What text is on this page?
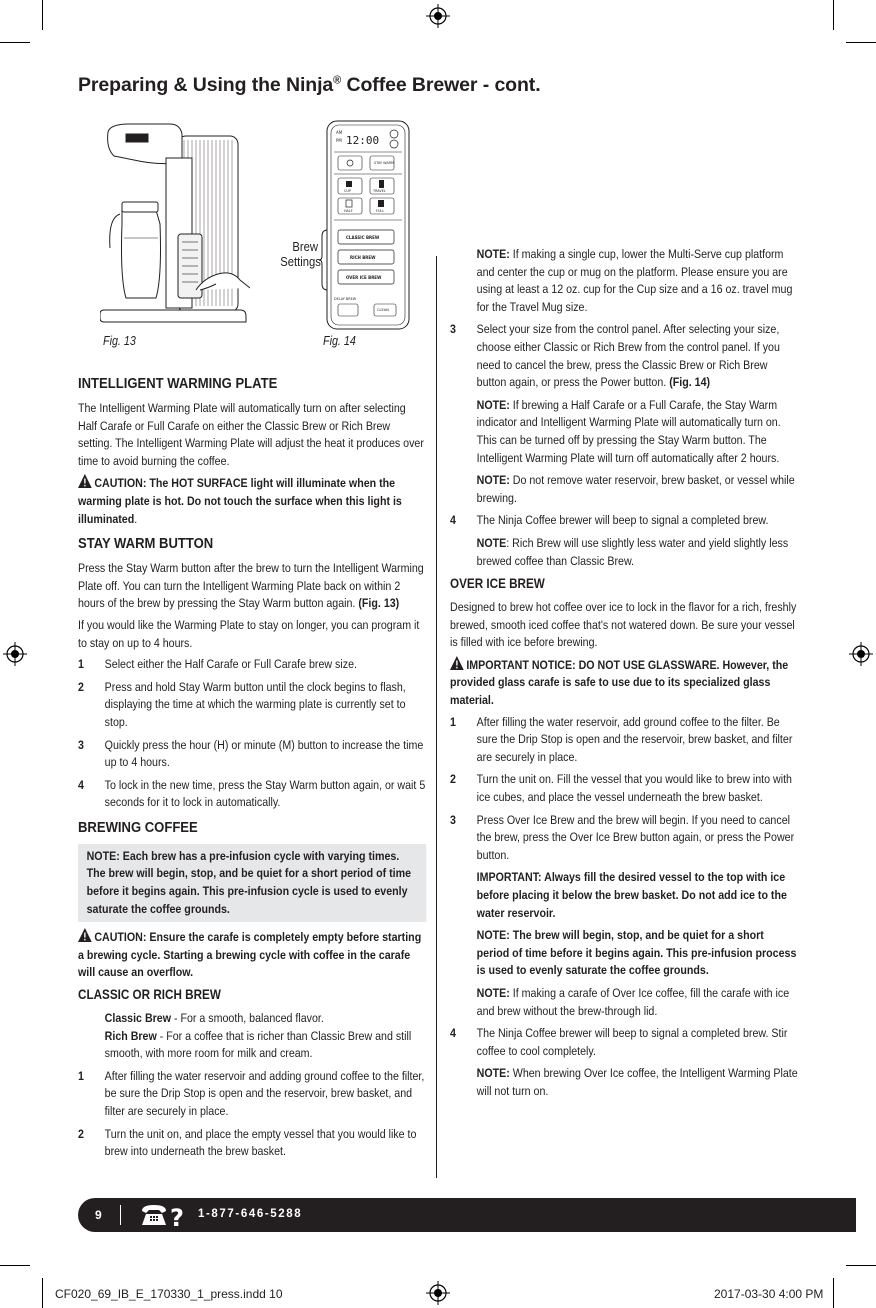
Preparing & Using the Ninja® Coffee Brewer - cont.
Fig. 13
Brew
Settings
AM
PM 12:00
STAY WARM
CUP	TRAVEL
HALF	FULL
CLASSIC BREW
RICH BREW
OVER ICE BREW
DELAY BREW
CLEAN
Fig. 14
INTELLIGENT WARMING PLATE

The Intelligent Warming Plate will automatically turn on after selecting Half Carafe or Full Carafe on either the Classic Brew or Rich Brew setting. The Intelligent Warming Plate will adjust the heat it produces over time to avoid burning the coffee.

CAUTION: The HOT SURFACE light will illuminate when the warming plate is hot. Do not touch the surface when this light is illuminated.

STAY WARM BUTTON

Press the Stay Warm button after the brew to turn the Intelligent Warming Plate off. You can turn the Intelligent Warming Plate back on within 2 hours of the brew by pressing the Stay Warm button again. (Fig. 13)

If you would like the Warming Plate to stay on longer, you can program it to stay on up to 4 hours.

1 Select either the Half Carafe or Full Carafe brew size.
2 Press and hold Stay Warm button until the clock begins to flash, displaying the time at which the warming plate is currently set to stop.
3 Quickly press the hour (H) or minute (M) button to increase the time up to 4 hours.
4 To lock in the new time, press the Stay Warm button again, or wait 5 seconds for it to lock in automatically.
BREWING COFFEE
NOTE: Each brew has a pre-infusion cycle with varying times. The brew will begin, stop, and be quiet for a short period of time before it begins again. This pre-infusion cycle is used to evenly saturate the coffee grounds.

CAUTION: Ensure the carafe is completely empty before starting a brewing cycle. Starting a brewing cycle with coffee in the carafe will cause an overflow.

CLASSIC OR RICH BREW
Classic Brew - For a smooth, balanced flavor.
Rich Brew - For a coffee that is richer than Classic Brew and still smooth, with more room for milk and cream.
1 After filling the water reservoir and adding ground coffee to the filter, be sure the Drip Stop is open and the reservoir, brew basket, and filter are securely in place.
2 Turn the unit on, and place the empty vessel that you would like to brew into underneath the brew basket.
NOTE: If making a single cup, lower the Multi-Serve cup platform and center the cup or mug on the platform. Please ensure you are using at least a 12 oz. cup for the Cup size and a 16 oz. travel mug for the Travel Mug size.
3 Select your size from the control panel. After selecting your size, choose either Classic or Rich Brew from the control panel. If you need to cancel the brew, press the Classic Brew or Rich Brew button again, or press the Power button. (Fig. 14)
NOTE: If brewing a Half Carafe or a Full Carafe, the Stay Warm indicator and Intelligent Warming Plate will automatically turn on. This can be turned off by pressing the Stay Warm button. The Intelligent Warming Plate will turn off automatically after 2 hours.
NOTE: Do not remove water reservoir, brew basket, or vessel while brewing.
4 The Ninja Coffee brewer will beep to signal a completed brew.
NOTE: Rich Brew will use slightly less water and yield slightly less brewed coffee than Classic Brew.
OVER ICE BREW

Designed to brew hot coffee over ice to lock in the flavor for a rich, freshly brewed, smooth iced coffee that's not watered down. Be sure your vessel is filled with ice before brewing.

IMPORTANT NOTICE: DO NOT USE GLASSWARE. However, the provided glass carafe is safe to use due to its specialized glass material.

1 After filling the water reservoir, add ground coffee to the filter. Be sure the Drip Stop is open and the reservoir, brew basket, and filter are securely in place.
2 Turn the unit on. Fill the vessel that you would like to brew into with ice cubes, and place the vessel underneath the brew basket.
3 Press Over Ice Brew and the brew will begin. If you need to cancel the brew, press the Over Ice Brew button again, or press the Power button.
IMPORTANT: Always fill the desired vessel to the top with ice before placing it below the brew basket. Do not add ice to the water reservoir.
NOTE: The brew will begin, stop, and be quiet for a short period of time before it begins again. This pre-infusion process is used to evenly saturate the coffee grounds.
NOTE: If making a carafe of Over Ice coffee, fill the carafe with ice and brew without the brew-through lid.
4 The Ninja Coffee brewer will beep to signal a completed brew. Stir coffee to cool completely.
NOTE: When brewing Over Ice coffee, the Intelligent Warming Plate will not turn on.
9	? 1-877-646-5288
CF020_69_IB_E_170330_1_press.indd 10	2017-03-30 4:00 PM
